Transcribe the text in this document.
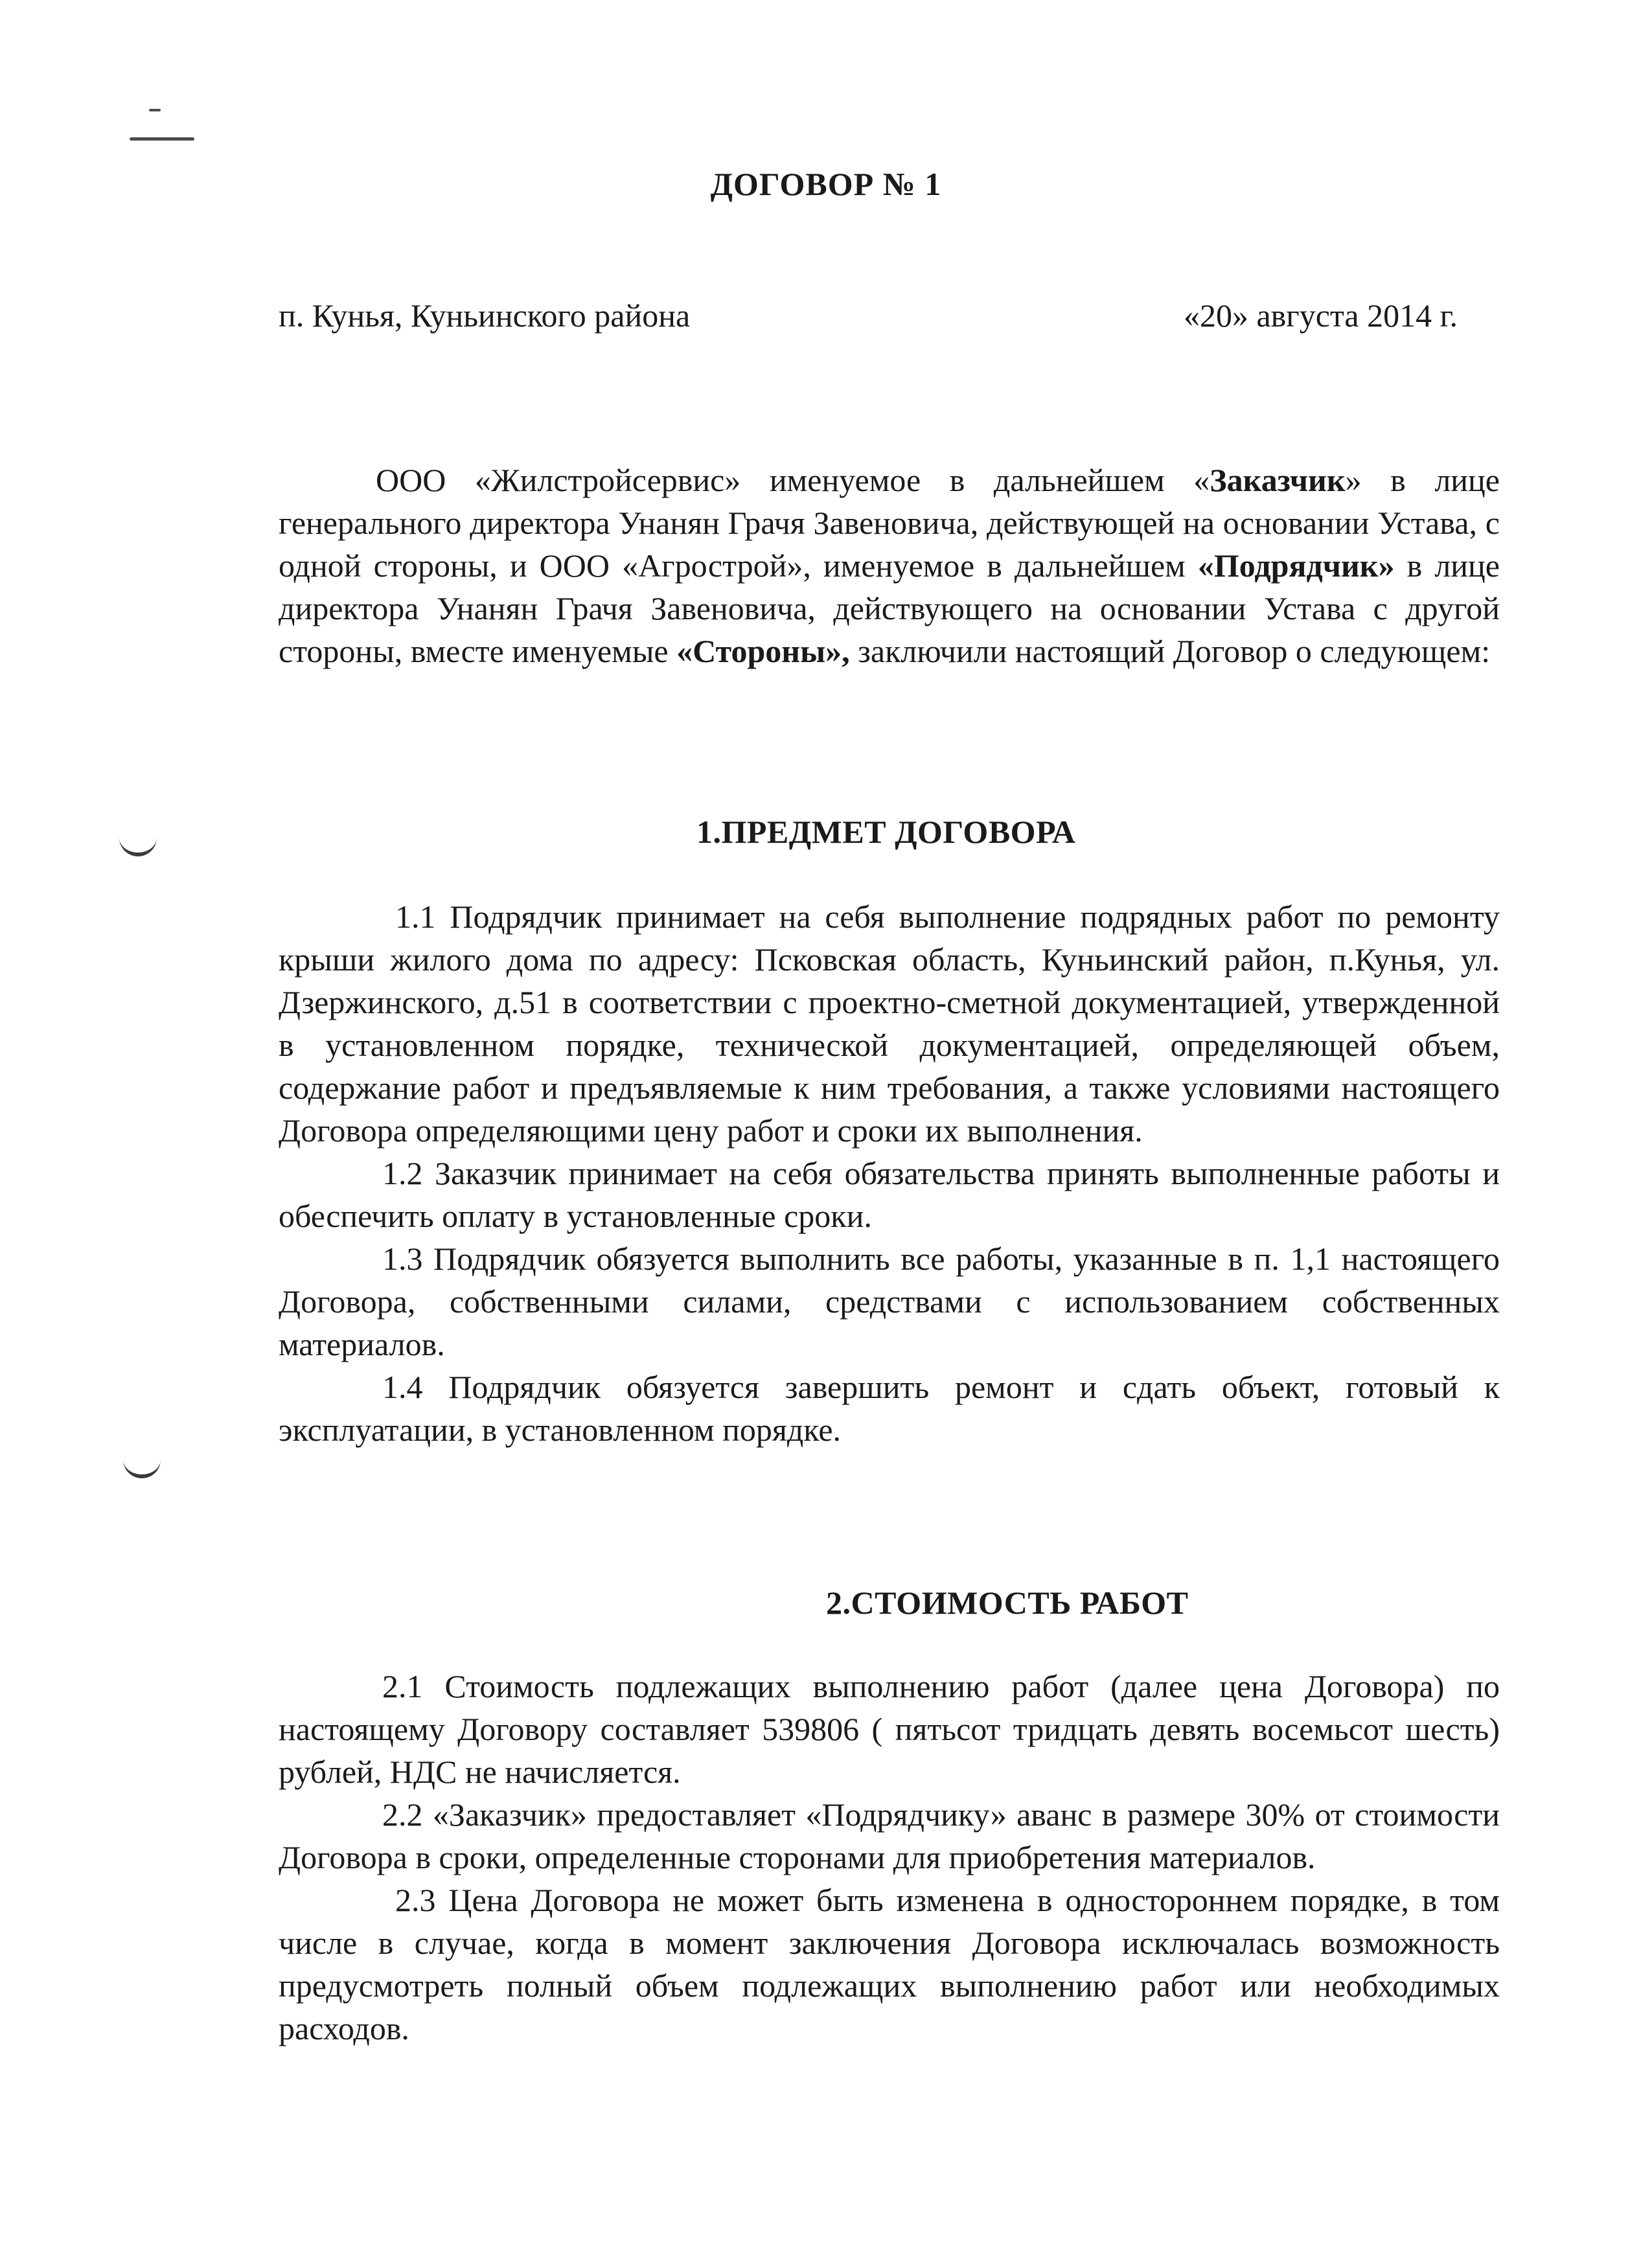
ДОГОВОР № 1
п. Кунья, Куньинского района	«20» августа 2014 г.

ООО «Жилстройсервис» именуемое в дальнейшем «Заказчик» в лице генерального директора Унанян Грачя Завеновича, действующей на основании Устава, с одной стороны, и ООО «Агрострой», именуемое в дальнейшем «Подрядчик» в лице директора Унанян Грачя Завеновича, действующего на основании Устава с другой стороны, вместе именуемые «Стороны», заключили настоящий Договор о следующем:

1.ПРЕДМЕТ ДОГОВОРА

1.1 Подрядчик принимает на себя выполнение подрядных работ по ремонту крыши жилого дома по адресу: Псковская область, Куньинский район, п.Кунья, ул. Дзержинского, д.51 в соответствии с проектно-сметной документацией, утвержденной в установленном порядке, технической документацией, определяющей объем, содержание работ и предъявляемые к ним требования, а также условиями настоящего Договора определяющими цену работ и сроки их выполнения.

1.2 Заказчик принимает на себя обязательства принять выполненные работы и обеспечить оплату в установленные сроки.

1.3 Подрядчик обязуется выполнить все работы, указанные в п. 1,1 настоящего Договора, собственными силами, средствами с использованием собственных материалов.

1.4 Подрядчик обязуется завершить ремонт и сдать объект, готовый к эксплуатации, в установленном порядке.

2.СТОИМОСТЬ РАБОТ

2.1 Стоимость подлежащих выполнению работ (далее цена Договора) по настоящему Договору составляет 539806 ( пятьсот тридцать девять восемьсот шесть) рублей, НДС не начисляется.

2.2 «Заказчик» предоставляет «Подрядчику» аванс в размере 30% от стоимости Договора в сроки, определенные сторонами для приобретения материалов.

2.3 Цена Договора не может быть изменена в одностороннем порядке, в том числе в случае, когда в момент заключения Договора исключалась возможность предусмотреть полный объем подлежащих выполнению работ или необходимых расходов.
